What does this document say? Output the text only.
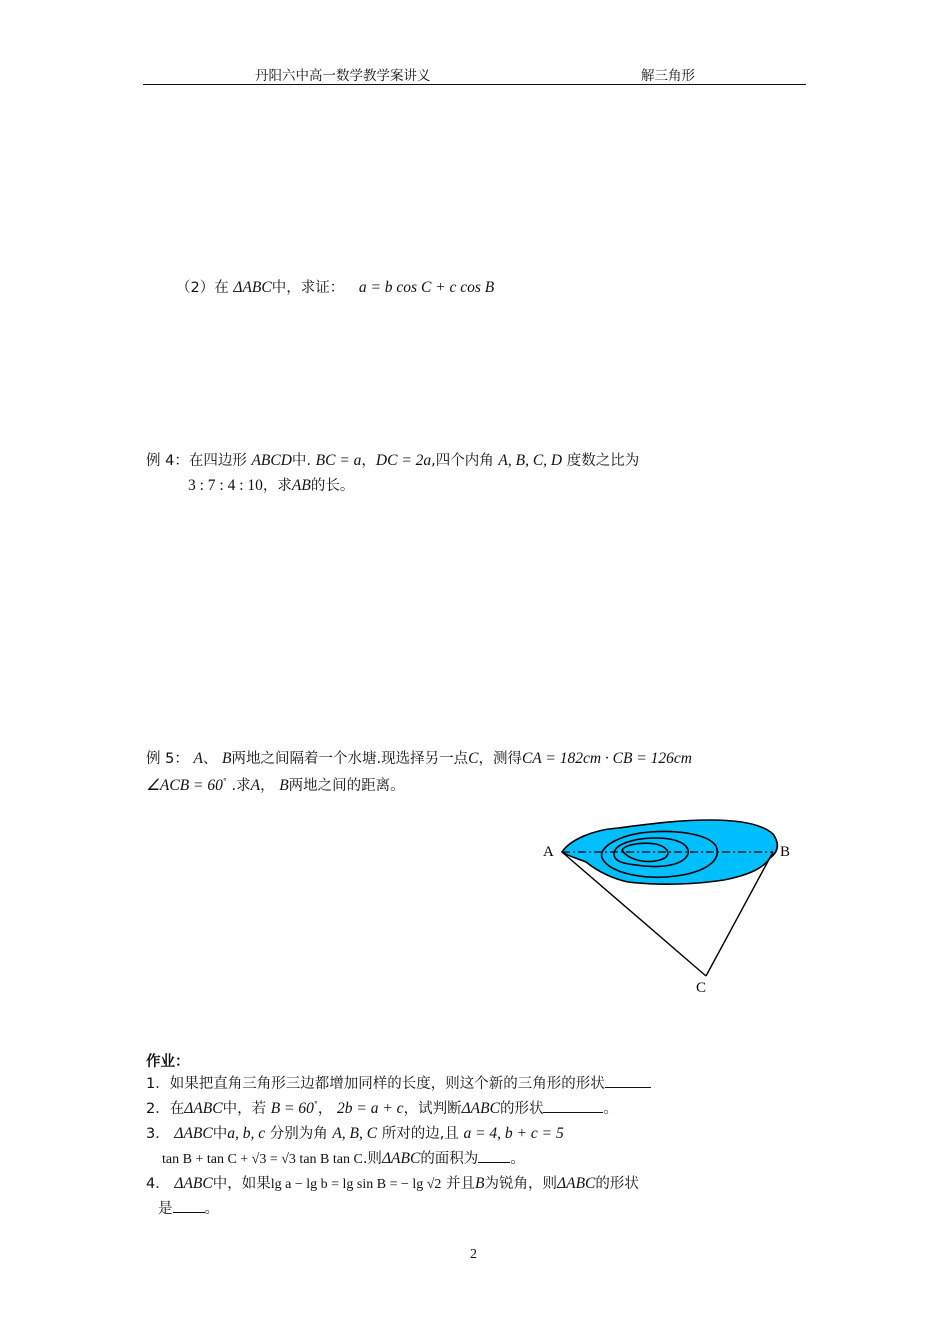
丹阳六中高一数学教学案讲义	解三角形
（2）在 ΔABC中，求证： a = b cos C + c cos B
例 4：在四边形 ABCD中. BC = a，DC = 2a,四个内角 A, B, C, D 度数之比为
3 : 7 : 4 : 10，求AB的长。
例 5： A、 B两地之间隔着一个水塘.现选择另一点C，测得CA = 182cm · CB = 126cm
∠ACB = 60° .求A， B两地之间的距离。
A	B
C
作业：
1．如果把直角三角形三边都增加同样的长度，则这个新的三角形的形状
2．在ΔABC中，若 B = 60°， 2b = a + c，试判断ΔABC的形状	。
3． ΔABC中a, b, c 分别为角 A, B, C 所对的边,且 a = 4, b + c = 5
tan B + tan C + √3 = √3 tan B tan C.则ΔABC的面积为 。
4． ΔABC中，如果lg a − lg b = lg sin B = − lg √2 并且B为锐角，则ΔABC的形状
是 。
2
